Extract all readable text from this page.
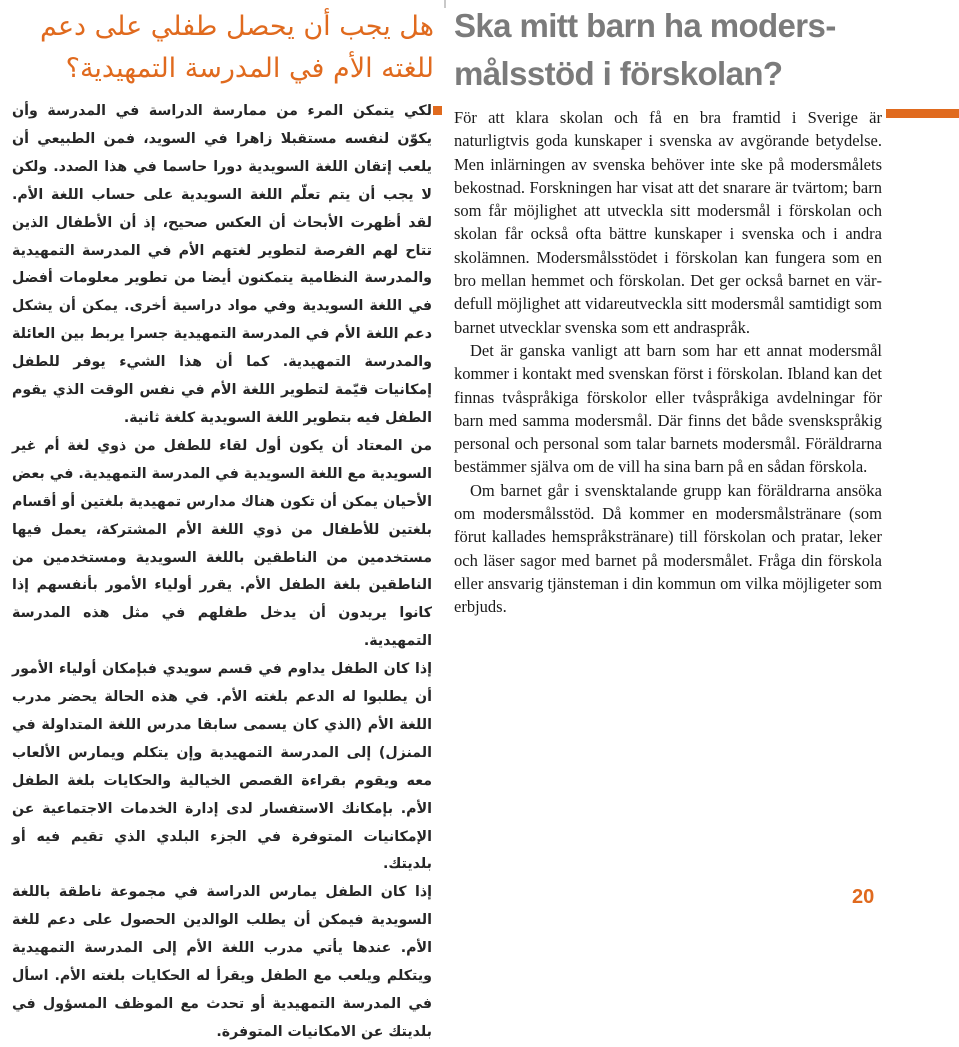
هل يجب أن يحصل طفلي على دعم للغته الأم في المدرسة التمهيدية؟
Ska mitt barn ha modersmålsstöd i förskolan?

لكي يتمكن المرء من ممارسة الدراسة في المدرسة وأن يكوّن لنفسه مستقبلا زاهرا في السويد، فمن الطبيعي أن يلعب إتقان اللغة السويدية دورا حاسما في هذا الصدد. ولكن لا يجب أن يتم تعلّم اللغة السويدية على حساب اللغة الأم. لقد أظهرت الأبحاث أن العكس صحيح، إذ أن الأطفال الذين تتاح لهم الفرصة لتطوير لغتهم الأم في المدرسة التمهيدية والمدرسة النظامية يتمكنون أيضا من تطوير معلومات أفضل في اللغة السويدية وفي مواد دراسية أخرى. يمكن أن يشكل دعم اللغة الأم في المدرسة التمهيدية جسرا يربط بين العائلة والمدرسة التمهيدية. كما أن هذا الشيء يوفر للطفل إمكانيات قيّمة لتطوير اللغة الأم في نفس الوقت الذي يقوم الطفل فيه بتطوير اللغة السويدية كلغة ثانية.

من المعتاد أن يكون أول لقاء للطفل من ذوي لغة أم غير السويدية مع اللغة السويدية في المدرسة التمهيدية. في بعض الأحيان يمكن أن تكون هناك مدارس تمهيدية بلغتين أو أقسام بلغتين للأطفال من ذوي اللغة الأم المشتركة، يعمل فيها مستخدمين من الناطقين باللغة السويدية ومستخدمين من الناطقين بلغة الطفل الأم. يقرر أولياء الأمور بأنفسهم إذا كانوا يريدون أن يدخل طفلهم في مثل هذه المدرسة التمهيدية.

إذا كان الطفل يداوم في قسم سويدي فبإمكان أولياء الأمور أن يطلبوا له الدعم بلغته الأم. في هذه الحالة يحضر مدرب اللغة الأم (الذي كان يسمى سابقا مدرس اللغة المتداولة في المنزل) إلى المدرسة التمهيدية وإن يتكلم ويمارس الألعاب معه ويقوم بقراءة القصص الخيالية والحكايات بلغة الطفل الأم. بإمكانك الاستفسار لدى إدارة الخدمات الاجتماعية عن الإمكانيات المتوفرة في الجزء البلدي الذي تقيم فيه أو بلديتك.

إذا كان الطفل يمارس الدراسة في مجموعة ناطقة باللغة السويدية فيمكن أن يطلب الوالدين الحصول على دعم للغة الأم. عندها يأتي مدرب اللغة الأم إلى المدرسة التمهيدية ويتكلم ويلعب مع الطفل ويقرأ له الحكايات بلغته الأم. اسأل في المدرسة التمهيدية أو تحدث مع الموظف المسؤول في بلديتك عن الامكانيات المتوفرة.

För att klara skolan och få en bra framtid i Sverige är naturligtvis goda kunskaper i svenska av avgörande betydelse. Men inlärningen av svenska behöver inte ske på modersmålets bekostnad. Forskningen har visat att det snarare är tvärtom; barn som får möjlighet att utveckla sitt modersmål i förskolan och skolan får också ofta bättre kunskaper i svenska och i andra skolämnen. Modersmålsstödet i förskolan kan fungera som en bro mellan hemmet och förskolan. Det ger också barnet en värdefull möjlighet att vidareutveckla sitt modersmål samtidigt som barnet utvecklar svenska som ett andraspråk.

Det är ganska vanligt att barn som har ett annat modersmål kommer i kontakt med svenskan först i förskolan. Ibland kan det finnas tvåspråkiga förskolor eller tvåspråkiga avdelningar för barn med samma modersmål. Där finns det både svenskspråkig personal och personal som talar barnets modersmål. Föräldrarna bestämmer själva om de vill ha sina barn på en sådan förskola.

Om barnet går i svensktalande grupp kan föräldrarna ansöka om modersmålsstöd. Då kommer en modersmålstränare (som förut kallades hemspråkstränare) till förskolan och pratar, leker och läser sagor med barnet på modersmålet. Fråga din förskola eller ansvarig tjänsteman i din kommun om vilka möjligeter som erbjuds.

20
